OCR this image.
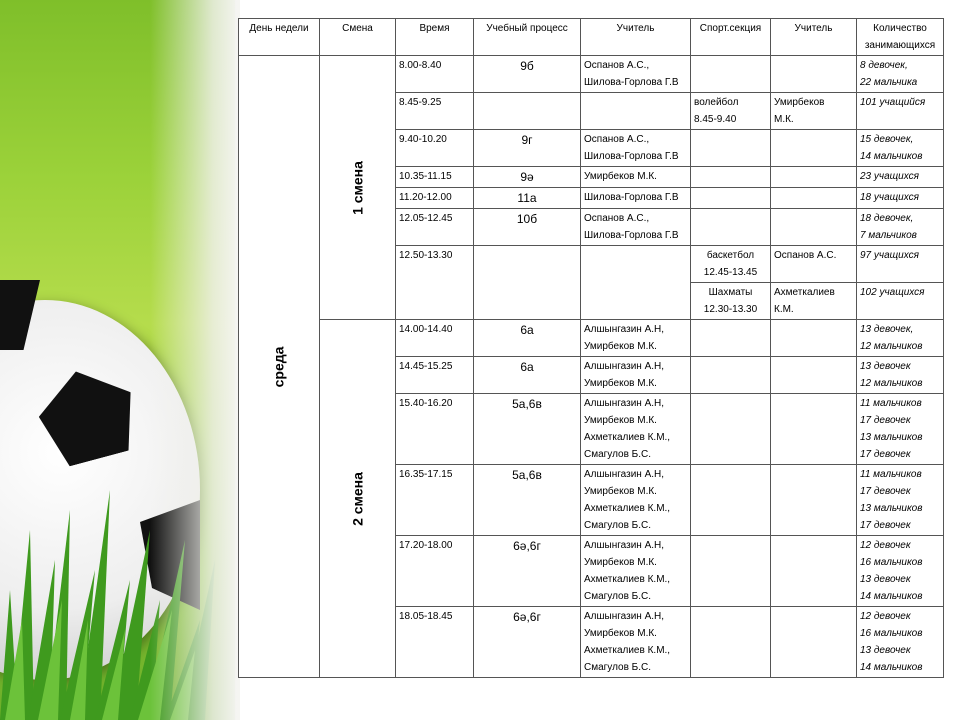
День недели	Смена	Время	Учебный процесс	Учитель	Спорт.секция	Учитель	Количество занимающихся

среда	1 смена	8.00-8.40	9б	Оспанов А.С.,
Шилова-Горлова Г.В			8 девочек,
22 мальчика

		8.45-9.25			волейбол
8.45-9.40	Умирбеков
М.К.	101 учащийся

		9.40-10.20	9г	Оспанов А.С.,
Шилова-Горлова Г.В			15 девочек,
14 мальчиков

		10.35-11.15	9ә	Умирбеков М.К.			23 учащихся

		11.20-12.00	11а	Шилова-Горлова Г.В			18 учащихся

		12.05-12.45	10б	Оспанов А.С.,
Шилова-Горлова Г.В			18 девочек,
7 мальчиков

		12.50-13.30			баскетбол
12.45-13.45	Оспанов А.С.	97 учащихся

					Шахматы
12.30-13.30	Ахметкалиев
К.М.	102 учащихся

	2 смена	14.00-14.40	6а	Алшынгазин А.Н,
Умирбеков М.К.			13 девочек,
12 мальчиков

		14.45-15.25	6а	Алшынгазин А.Н,
Умирбеков М.К.			13 девочек
12 мальчиков

		15.40-16.20	5а,6в	Алшынгазин А.Н,
Умирбеков М.К.
Ахметкалиев К.М.,
Смагулов Б.С.			11 мальчиков
17 девочек
13 мальчиков
17 девочек

		16.35-17.15	5а,6в	Алшынгазин А.Н,
Умирбеков М.К.
Ахметкалиев К.М.,
Смагулов Б.С.			11 мальчиков
17 девочек
13 мальчиков
17 девочек

		17.20-18.00	6ә,6г	Алшынгазин А.Н,
Умирбеков М.К.
Ахметкалиев К.М.,
Смагулов Б.С.			12 девочек
16 мальчиков
13 девочек
14 мальчиков

		18.05-18.45	6ә,6г	Алшынгазин А.Н,
Умирбеков М.К.
Ахметкалиев К.М.,
Смагулов Б.С.			12 девочек
16 мальчиков
13 девочек
14 мальчиков
